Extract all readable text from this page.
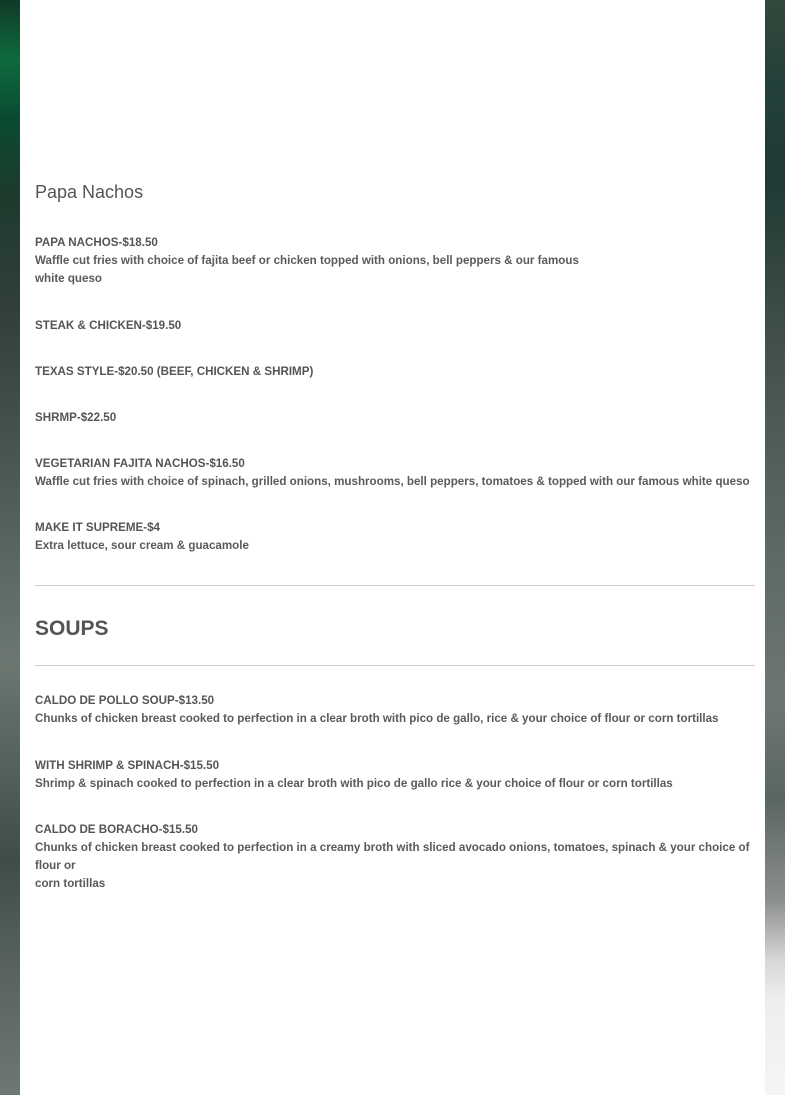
Papa Nachos
PAPA NACHOS-$18.50
Waffle cut fries with choice of fajita beef or chicken topped with onions, bell peppers & our famous
white queso
STEAK & CHICKEN-$19.50
TEXAS STYLE-$20.50 (BEEF, CHICKEN & SHRIMP)
SHRMP-$22.50
VEGETARIAN FAJITA NACHOS-$16.50
Waffle cut fries with choice of spinach, grilled onions, mushrooms, bell peppers, tomatoes & topped with our famous white queso
MAKE IT SUPREME-$4
Extra lettuce, sour cream & guacamole
SOUPS
CALDO DE POLLO SOUP-$13.50
Chunks of chicken breast cooked to perfection in a clear broth with pico de gallo, rice & your choice of flour or corn tortillas
WITH SHRIMP & SPINACH-$15.50
Shrimp & spinach cooked to perfection in a clear broth with pico de gallo rice & your choice of flour or corn tortillas
CALDO DE BORACHO-$15.50
Chunks of chicken breast cooked to perfection in a creamy broth with sliced avocado onions, tomatoes, spinach & your choice of flour or
corn tortillas
